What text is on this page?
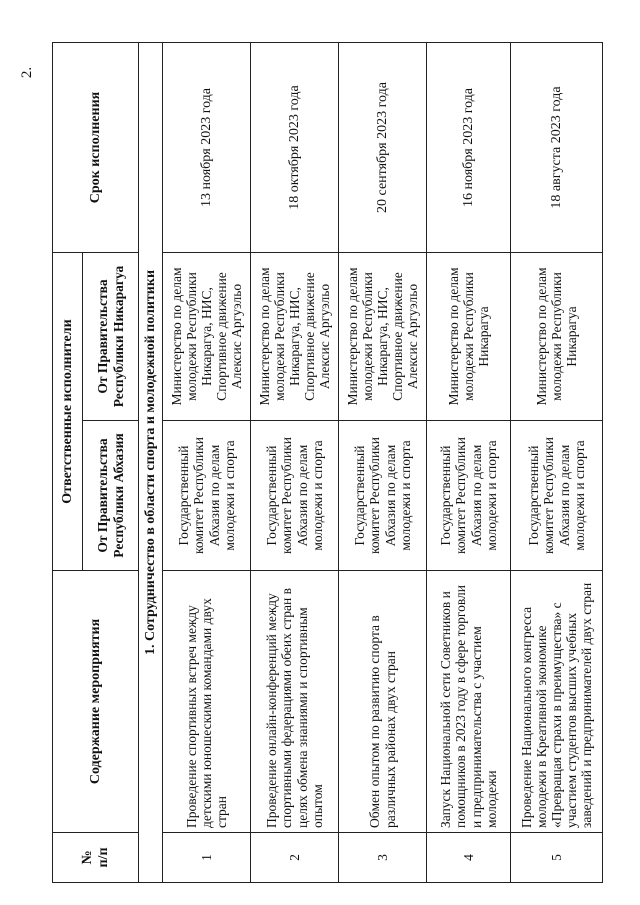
2.
№
п/п	Содержание мероприятия	Ответственные исполнители		Срок исполнения
		От Правительства Республики Абхазия	От Правительства Республики Никарагуа	
1. Сотрудничество в области спорта и молодежной политики				
1	Проведение спортивных встреч между детскими юношескими командами двух стран	Государственный комитет Республики Абхазия по делам молодежи и спорта	Министерство по делам молодежи Республики Никарагуа, НИС, Спортивное движение Алексис Аргуэльо	13 ноября 2023 года
2	Проведение онлайн-конференций между спортивными федерациями обеих стран в целях обмена знаниями и спортивным опытом	Государственный комитет Республики Абхазия по делам молодежи и спорта	Министерство по делам молодежи Республики Никарагуа, НИС, Спортивное движение Алексис Аргуэльо	18 октября 2023 года
3	Обмен опытом по развитию спорта в различных районах двух стран	Государственный комитет Республики Абхазия по делам молодежи и спорта	Министерство по делам молодежи Республики Никарагуа, НИС, Спортивное движение Алексис Аргуэльо	20 сентября 2023 года
4	Запуск Национальной сети Советников и помощников в 2023 году в сфере торговли и предпринимательства с участием молодежи	Государственный комитет Республики Абхазия по делам молодежи и спорта	Министерство по делам молодежи Республики Никарагуа	16 ноября 2023 года
5	Проведение Национального конгресса молодежи в Креативной экономике «Превращая страхи в преимущества» с участием студентов высших учебных заведений и предпринимателей двух стран	Государственный комитет Республики Абхазия по делам молодежи и спорта	Министерство по делам молодежи Республики Никарагуа	18 августа 2023 года
